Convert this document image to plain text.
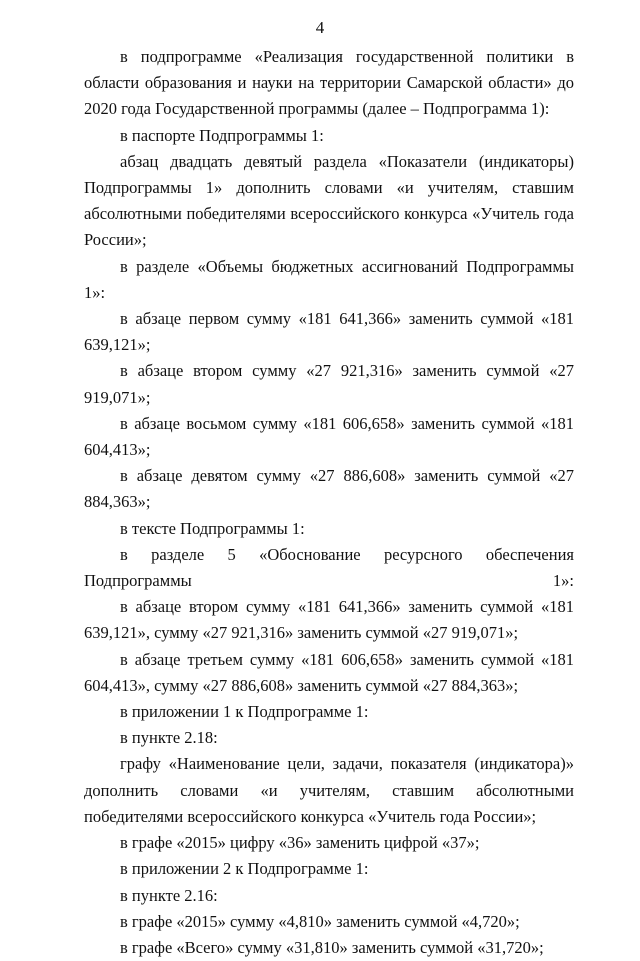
4

в подпрограмме «Реализация государственной политики в области образования и науки на территории Самарской области» до 2020 года Государственной программы (далее – Подпрограмма 1):

в паспорте Подпрограммы 1:

абзац двадцать девятый раздела «Показатели (индикаторы) Подпрограммы 1» дополнить словами «и учителям, ставшим абсолютными победителями всероссийского конкурса «Учитель года России»;

в разделе «Объемы бюджетных ассигнований Подпрограммы 1»:

в абзаце первом сумму «181 641,366» заменить суммой «181 639,121»;

в абзаце втором сумму «27 921,316» заменить суммой «27 919,071»;

в абзаце восьмом сумму «181 606,658» заменить суммой «181 604,413»;

в абзаце девятом сумму «27 886,608» заменить суммой «27 884,363»;

в тексте Подпрограммы 1:

в разделе 5 «Обоснование ресурсного обеспечения Подпрограммы 1»:

в абзаце втором сумму «181 641,366» заменить суммой «181 639,121», сумму «27 921,316» заменить суммой «27 919,071»;

в абзаце третьем сумму «181 606,658» заменить суммой «181 604,413», сумму «27 886,608» заменить суммой «27 884,363»;

в приложении 1 к Подпрограмме 1:

в пункте 2.18:

графу «Наименование цели, задачи, показателя (индикатора)» дополнить словами «и учителям, ставшим абсолютными победителями всероссийского конкурса «Учитель года России»;

в графе «2015» цифру «36» заменить цифрой «37»;

в приложении 2 к Подпрограмме 1:

в пункте 2.16:

в графе «2015» сумму «4,810» заменить суммой «4,720»;

в графе «Всего» сумму «31,810» заменить суммой «31,720»;
